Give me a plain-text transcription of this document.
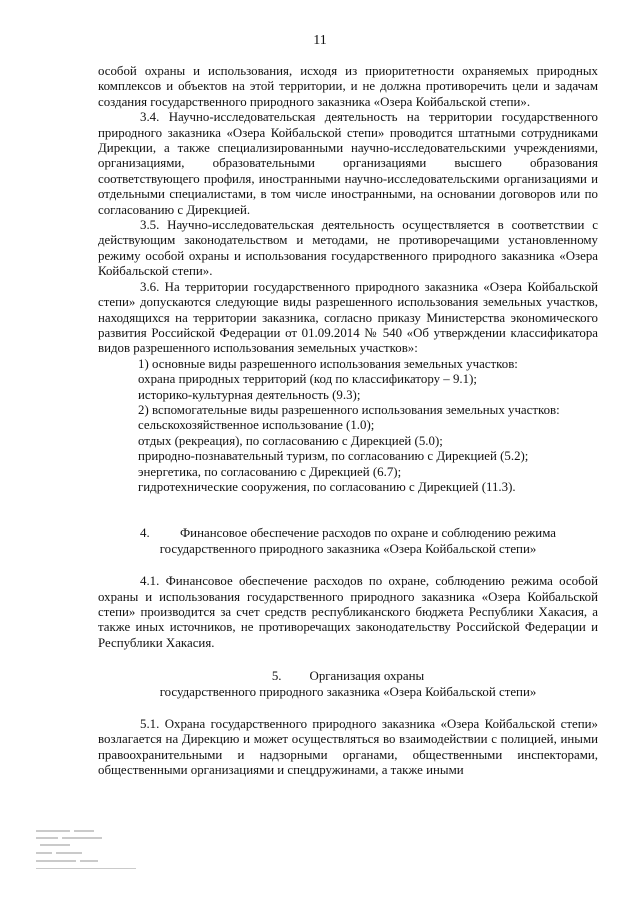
11

особой охраны и использования, исходя из приоритетности охраняемых природных комплексов и объектов на этой территории, и не должна противоречить цели и задачам создания государственного природного заказника «Озера Койбальской степи».

3.4. Научно-исследовательская деятельность на территории государственного природного заказника «Озера Койбальской степи» проводится штатными сотрудниками Дирекции, а также специализированными научно-исследовательскими учреждениями, организациями, образовательными организациями высшего образования соответствующего профиля, иностранными научно-исследовательскими организациями и отдельными специалистами, в том числе иностранными, на основании договоров или по согласованию с Дирекцией.

3.5. Научно-исследовательская деятельность осуществляется в соответствии с действующим законодательством и методами, не противоречащими установленному режиму особой охраны и использования государственного природного заказника «Озера Койбальской степи».

3.6. На территории государственного природного заказника «Озера Койбальской степи» допускаются следующие виды разрешенного использования земельных участков, находящихся на территории заказника, согласно приказу Министерства экономического развития Российской Федерации от 01.09.2014 № 540 «Об утверждении классификатора видов разрешенного использования земельных участков»:

1) основные виды разрешенного использования земельных участков:
охрана природных территорий (код по классификатору – 9.1);
историко-культурная деятельность (9.3);
2) вспомогательные виды разрешенного использования земельных участков:
сельскохозяйственное использование (1.0);
отдых (рекреация), по согласованию с Дирекцией (5.0);
природно-познавательный туризм, по согласованию с Дирекцией (5.2);
энергетика, по согласованию с Дирекцией (6.7);
гидротехнические сооружения, по согласованию с Дирекцией (11.3).

4. Финансовое обеспечение расходов по охране и соблюдению режима

государственного природного заказника «Озера Койбальской степи»

4.1. Финансовое обеспечение расходов по охране, соблюдению режима особой охраны и использования государственного природного заказника «Озера Койбальской степи» производится за счет средств республиканского бюджета Республики Хакасия, а также иных источников, не противоречащих законодательству Российской Федерации и Республики Хакасия.

5. Организация охраны

государственного природного заказника «Озера Койбальской степи»

5.1. Охрана государственного природного заказника «Озера Койбальской степи» возлагается на Дирекцию и может осуществляться во взаимодействии с полицией, иными правоохранительными и надзорными органами, общественными инспекторами, общественными организациями и спецдружинами, а также иными
